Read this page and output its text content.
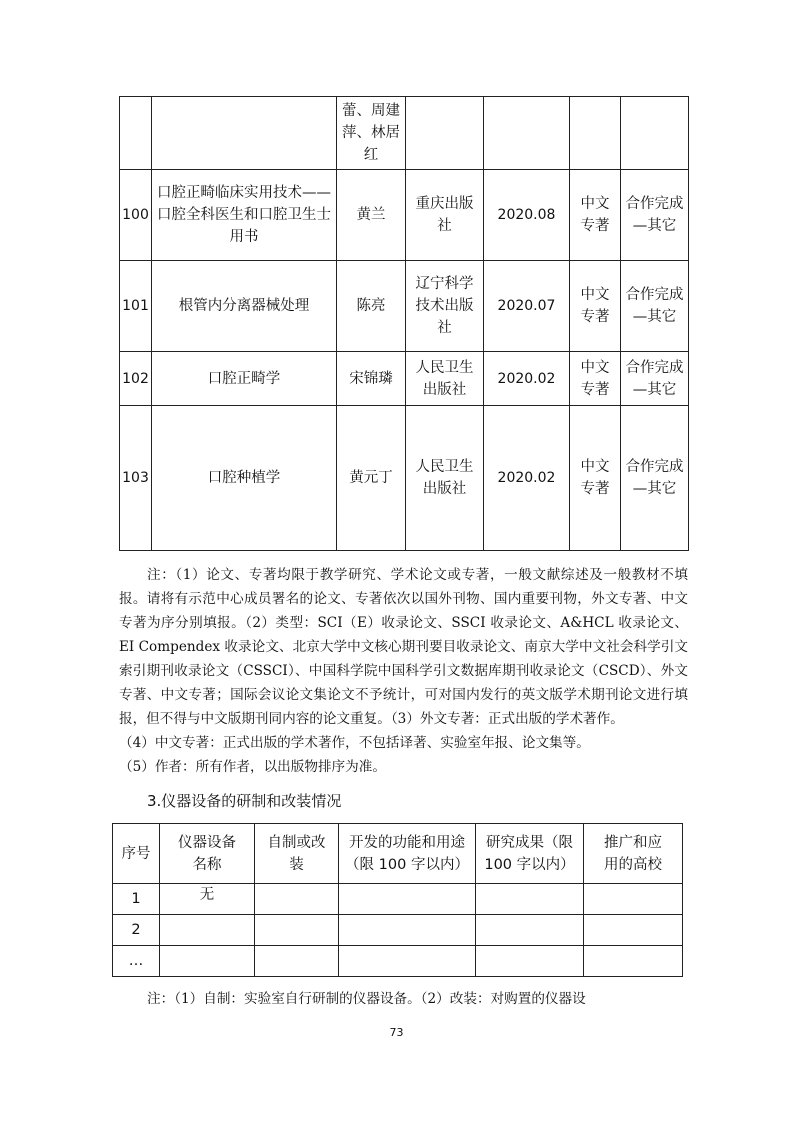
		蕾、周建萍、林居红				

100	口腔正畸临床实用技术——口腔全科医生和口腔卫生士用书	黄兰	重庆出版社	2020.08	中文专著	合作完成—其它

101	根管内分离器械处理	陈亮	辽宁科学技术出版社	2020.07	中文专著	合作完成—其它

102	口腔正畸学	宋锦璘	人民卫生出版社	2020.02	中文专著	合作完成—其它

103	口腔种植学	黄元丁	人民卫生出版社	2020.02	中文专著	合作完成—其它

注：（1）论文、专著均限于教学研究、学术论文或专著，一般文献综述及一般教材不填报。请将有示范中心成员署名的论文、专著依次以国外刊物、国内重要刊物，外文专著、中文专著为序分别填报。（2）类型：SCI（E）收录论文、SSCI 收录论文、A&HCL 收录论文、EI Compendex 收录论文、北京大学中文核心期刊要目收录论文、南京大学中文社会科学引文索引期刊收录论文（CSSCI）、中国科学院中国科学引文数据库期刊收录论文（CSCD）、外文专著、中文专著；国际会议论文集论文不予统计，可对国内发行的英文版学术期刊论文进行填报，但不得与中文版期刊同内容的论文重复。（3）外文专著：正式出版的学术著作。

（4）中文专著：正式出版的学术著作，不包括译著、实验室年报、论文集等。

（5）作者：所有作者，以出版物排序为准。

3.仪器设备的研制和改装情况
序号	仪器设备名称	自制或改装	开发的功能和用途（限 100 字以内）	研究成果（限 100 字以内）	推广和应用的高校

1	无				
2					
…					
注：（1）自制：实验室自行研制的仪器设备。（2）改装：对购置的仪器设
73
